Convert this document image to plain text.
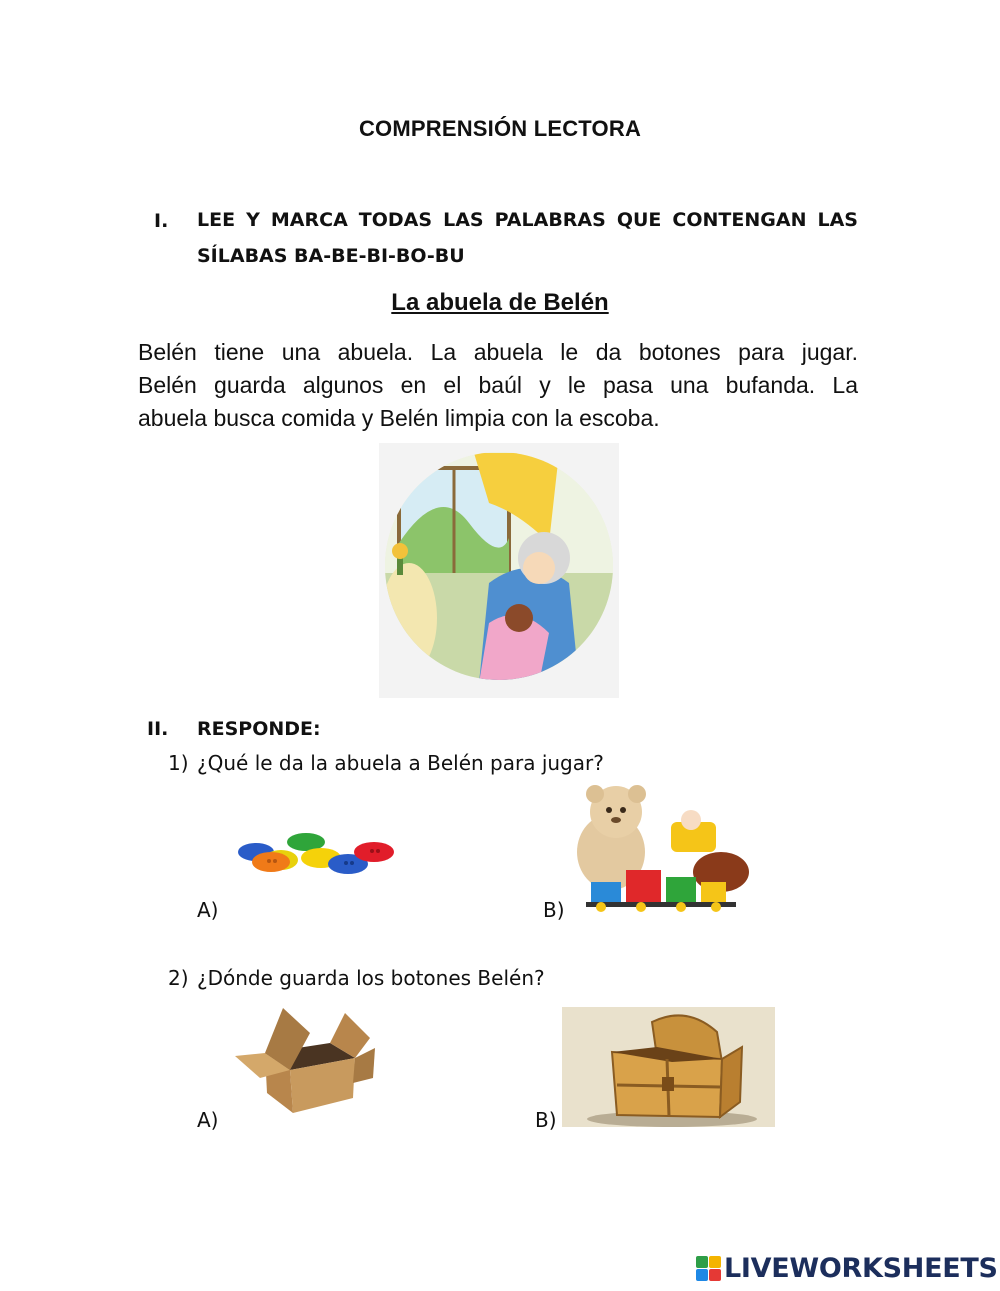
COMPRENSIÓN LECTORA
I. LEE Y MARCA TODAS LAS PALABRAS QUE CONTENGAN LAS
SÍLABAS BA-BE-BI-BO-BU
La abuela de Belén
Belén tiene una abuela. La abuela le da botones para jugar.
Belén guarda algunos en el baúl y le pasa una bufanda. La
abuela busca comida y Belén limpia con la escoba.
II. RESPONDE:
1) ¿Qué le da la abuela a Belén para jugar?
A)	B)
2) ¿Dónde guarda los botones Belén?
A)	B)
LIVEWORKSHEETS
